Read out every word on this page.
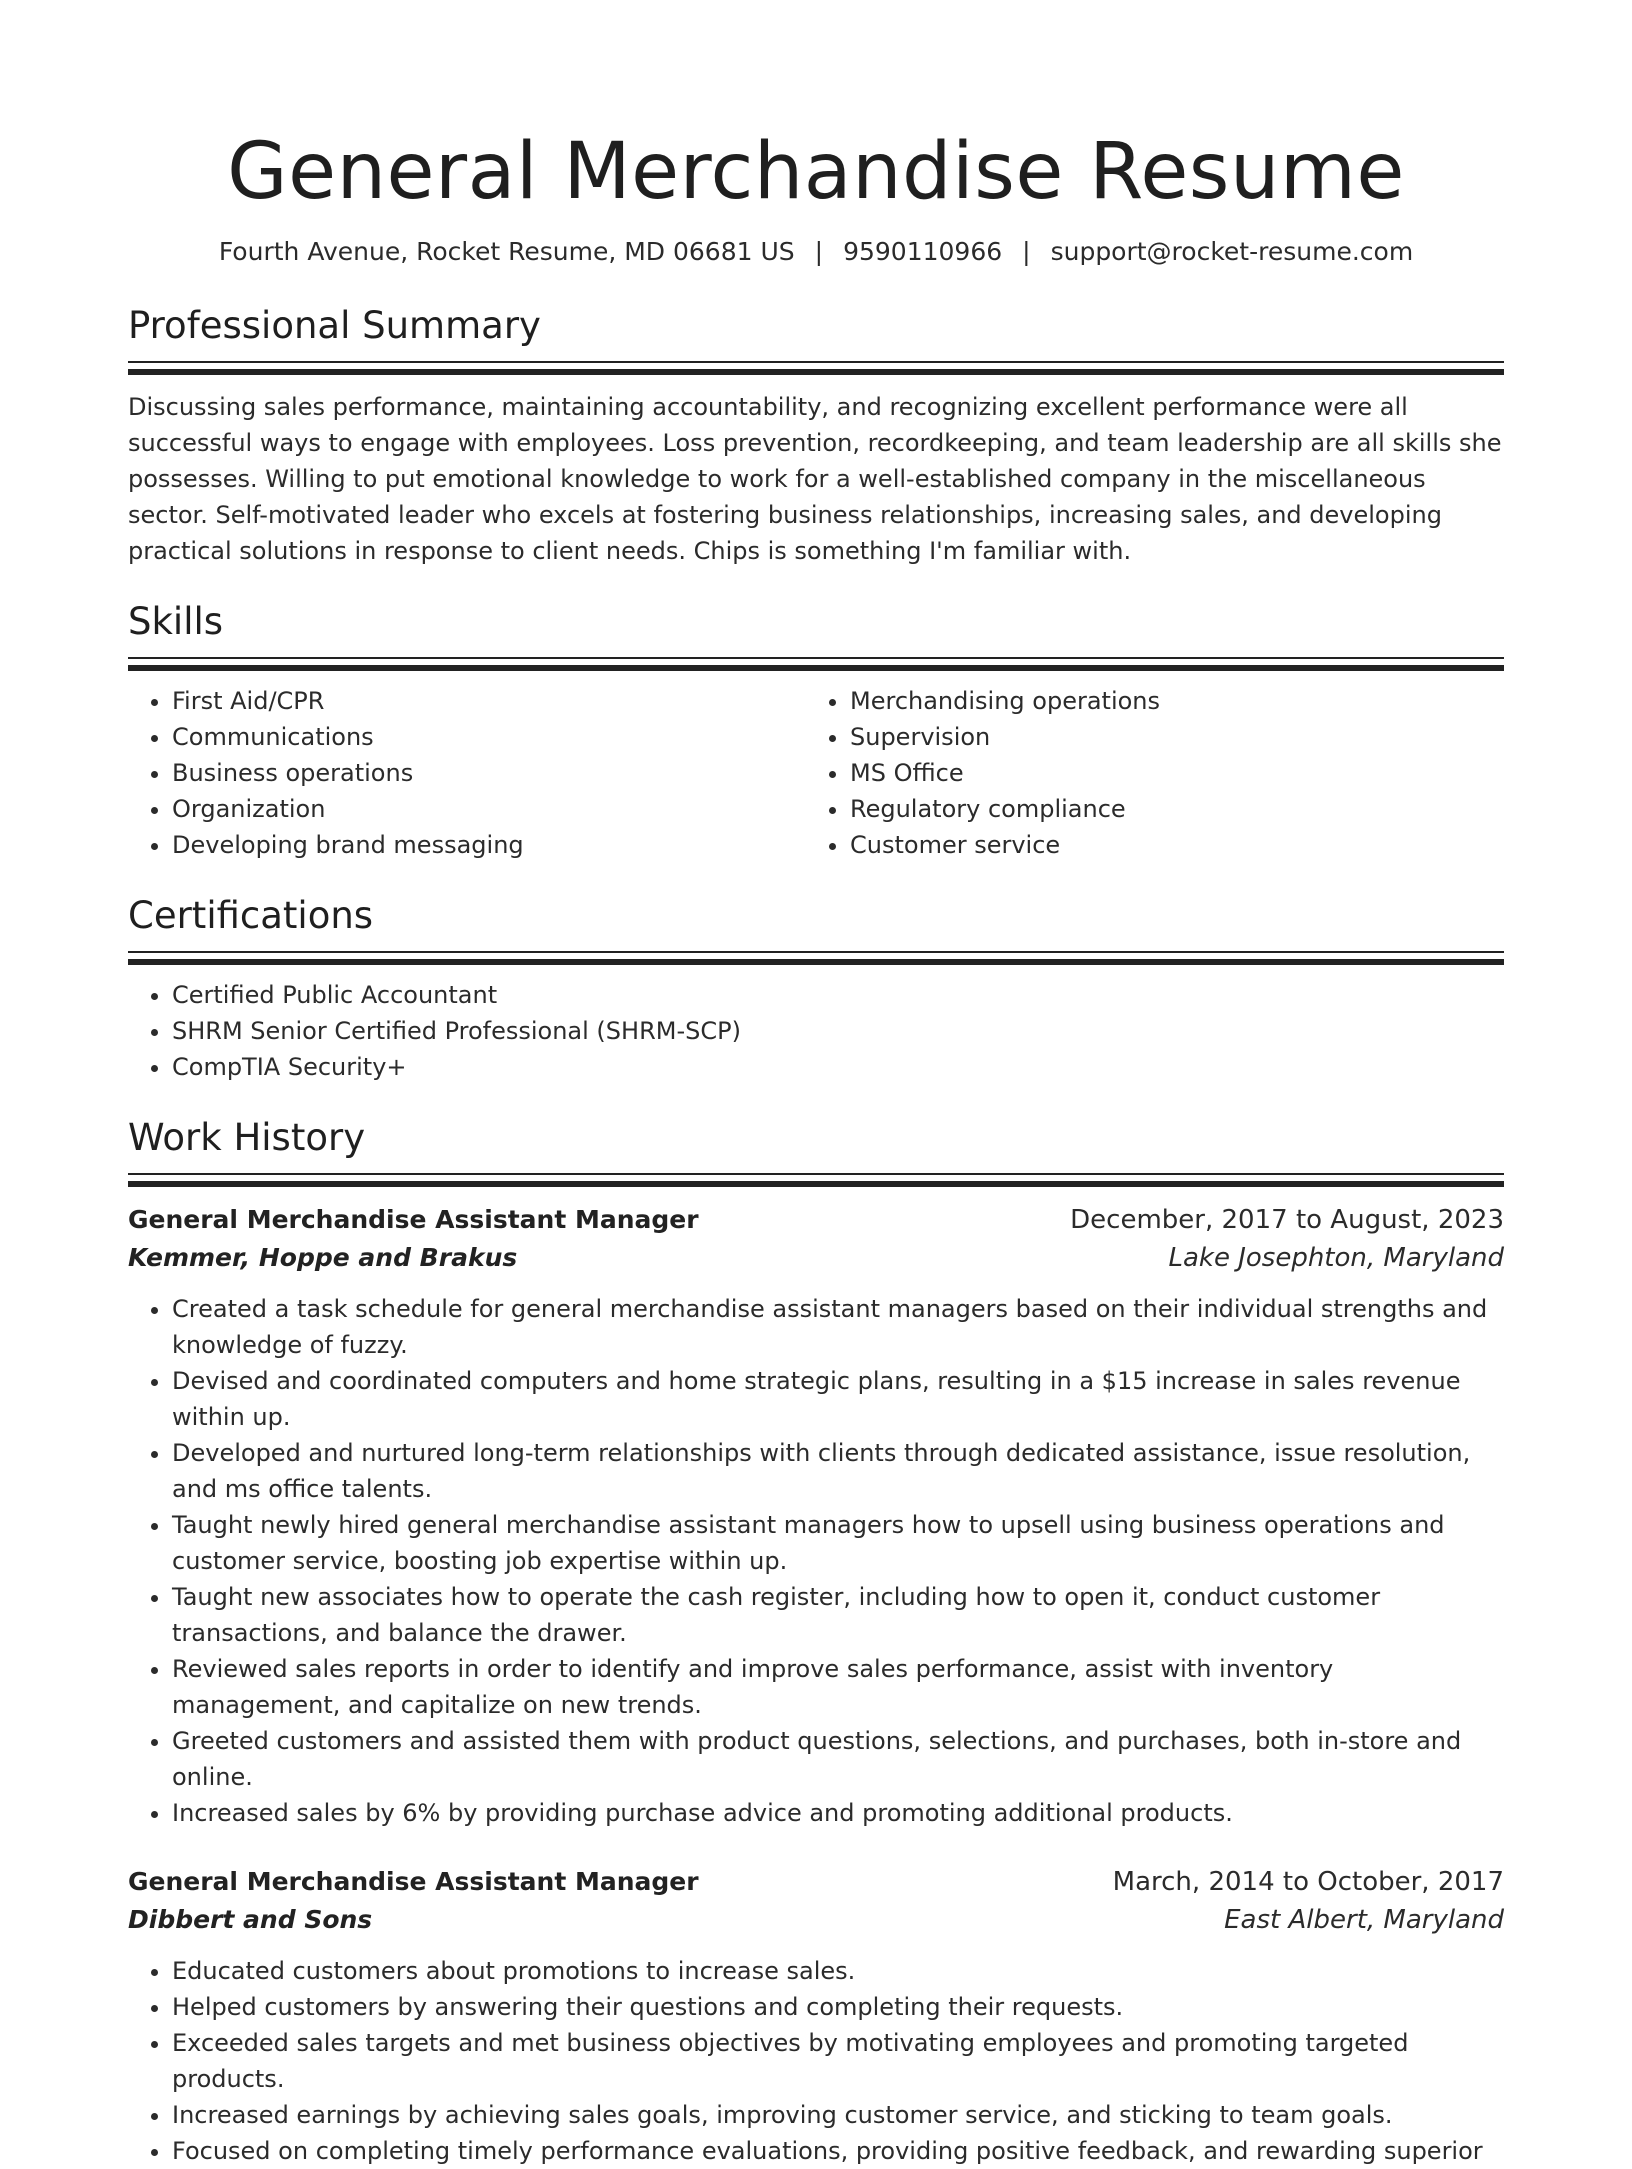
General Merchandise Resume
Fourth Avenue, Rocket Resume, MD 06681 US | 9590110966 | support@rocket-resume.com
Professional Summary

Discussing sales performance, maintaining accountability, and recognizing excellent performance were all successful ways to engage with employees. Loss prevention, recordkeeping, and team leadership are all skills she possesses. Willing to put emotional knowledge to work for a well-established company in the miscellaneous sector. Self-motivated leader who excels at fostering business relationships, increasing sales, and developing practical solutions in response to client needs. Chips is something I'm familiar with.

Skills
• First Aid/CPR
• Communications
• Business operations
• Organization
• Developing brand messaging
• Merchandising operations
• Supervision
• MS Office
• Regulatory compliance
• Customer service
Certifications
• Certified Public Accountant
• SHRM Senior Certified Professional (SHRM-SCP)
• CompTIA Security+
Work History
General Merchandise Assistant Manager	December, 2017 to August, 2023
Kemmer, Hoppe and Brakus	Lake Josephton, Maryland
• Created a task schedule for general merchandise assistant managers based on their individual strengths and knowledge of fuzzy.
• Devised and coordinated computers and home strategic plans, resulting in a $15 increase in sales revenue within up.
• Developed and nurtured long-term relationships with clients through dedicated assistance, issue resolution, and ms office talents.
• Taught newly hired general merchandise assistant managers how to upsell using business operations and customer service, boosting job expertise within up.
• Taught new associates how to operate the cash register, including how to open it, conduct customer transactions, and balance the drawer.
• Reviewed sales reports in order to identify and improve sales performance, assist with inventory management, and capitalize on new trends.
• Greeted customers and assisted them with product questions, selections, and purchases, both in-store and online.
• Increased sales by 6% by providing purchase advice and promoting additional products.
General Merchandise Assistant Manager	March, 2014 to October, 2017
Dibbert and Sons	East Albert, Maryland
• Educated customers about promotions to increase sales.
• Helped customers by answering their questions and completing their requests.
• Exceeded sales targets and met business objectives by motivating employees and promoting targeted products.
• Increased earnings by achieving sales goals, improving customer service, and sticking to team goals.
• Focused on completing timely performance evaluations, providing positive feedback, and rewarding superior
